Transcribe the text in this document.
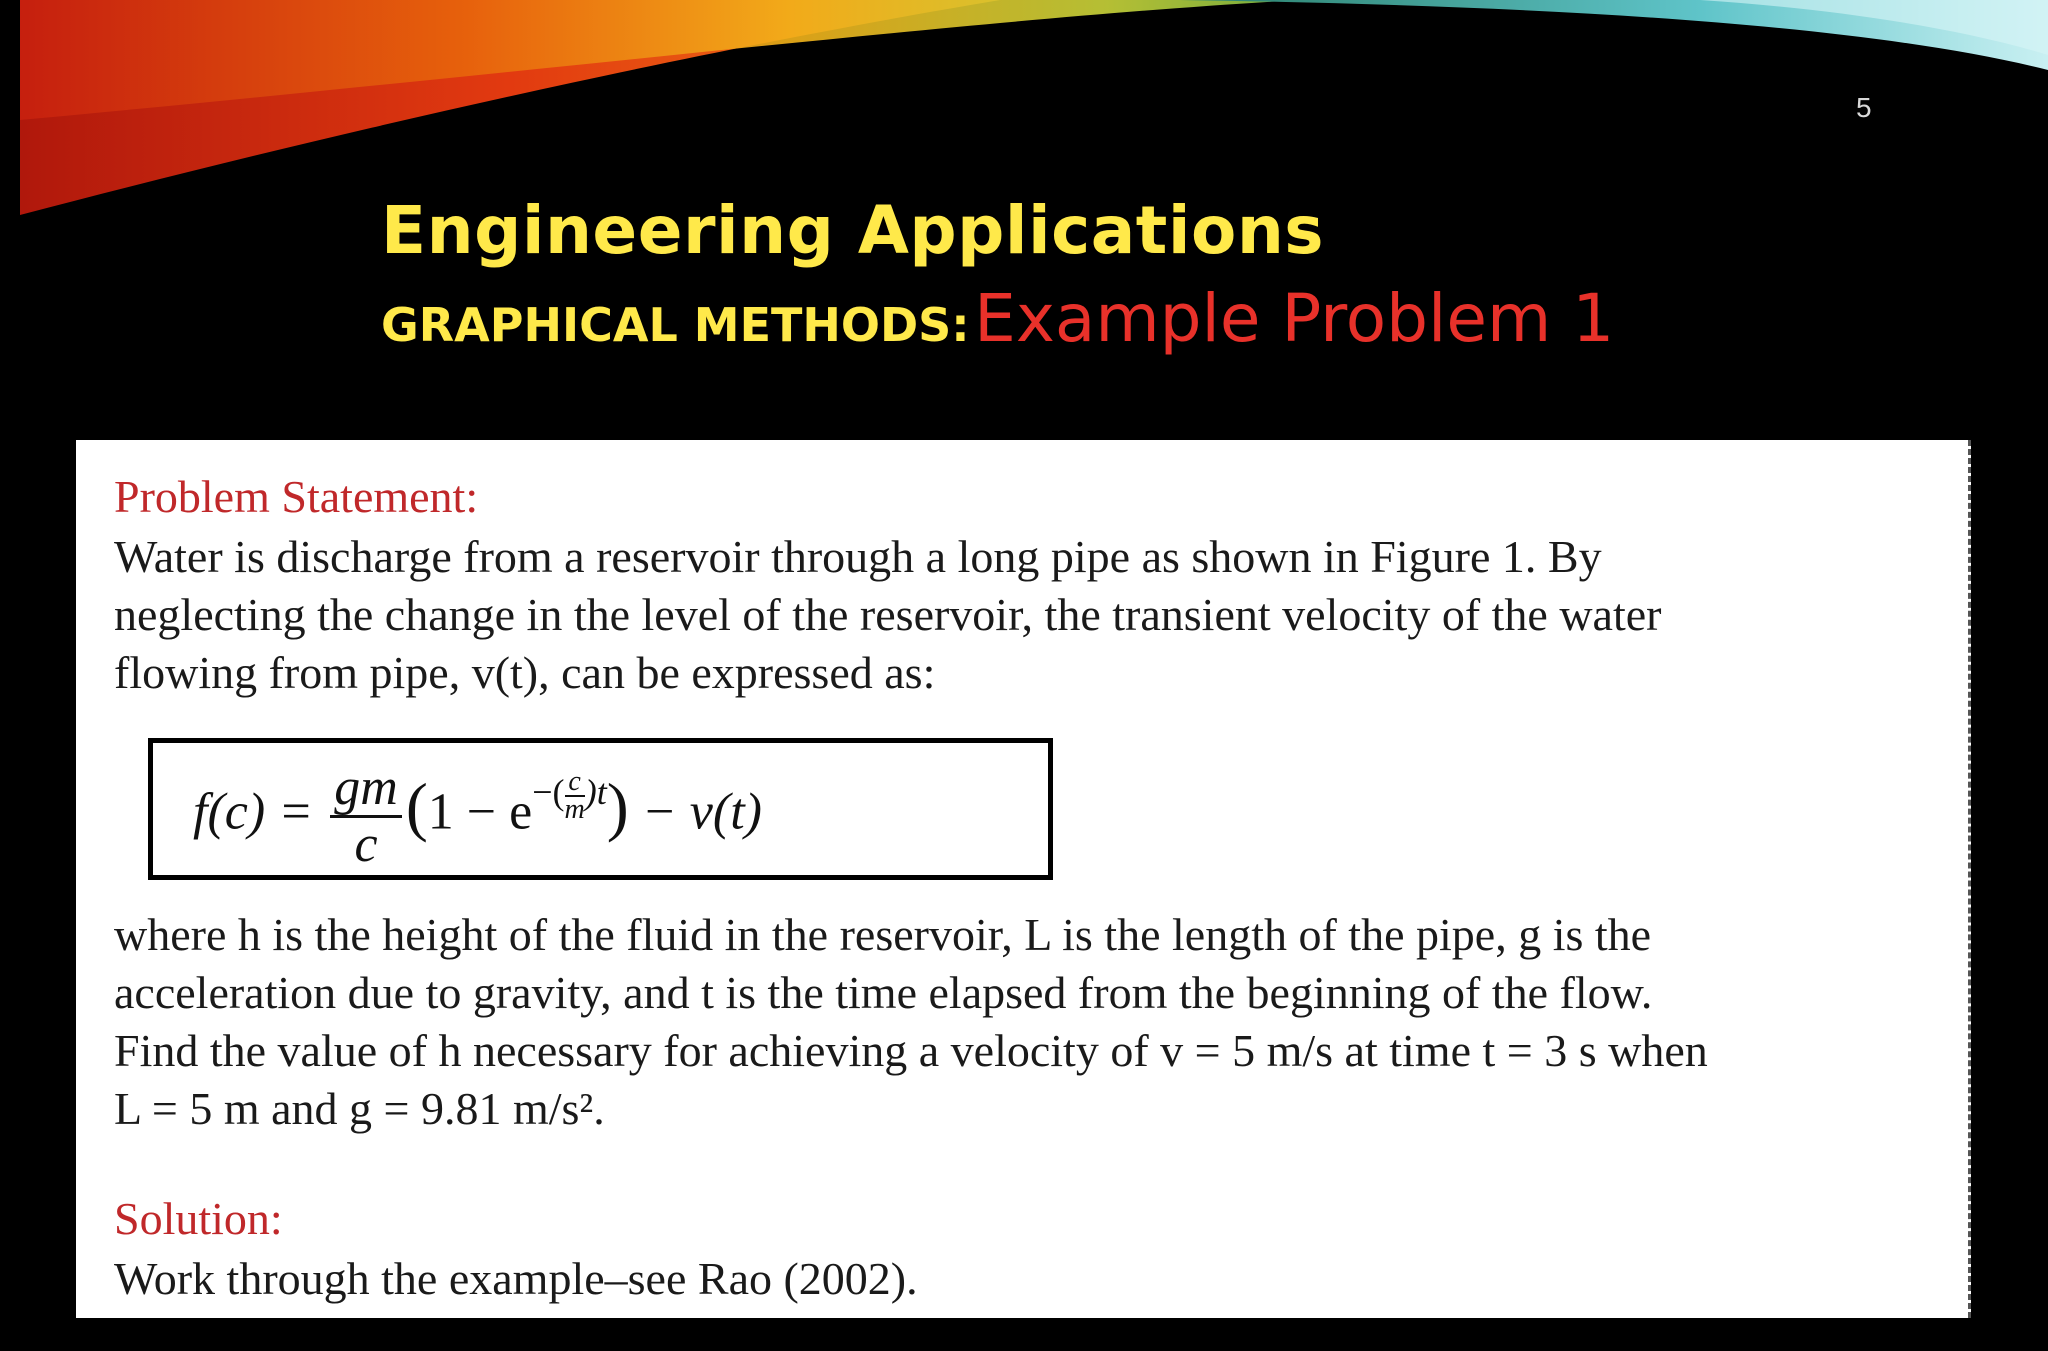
5
Engineering Applications
GRAPHICAL METHODS: Example Problem 1
Problem Statement:
Water is discharge from a reservoir through a long pipe as shown in Figure 1. By
neglecting the change in the level of the reservoir, the transient velocity of the water
flowing from pipe, v(t), can be expressed as:
$f(c) = \frac{gm}{c} (1 - e^{-( \frac{c}{m} )t}) - v(t)$
where h is the height of the fluid in the reservoir, L is the length of the pipe, g is the
acceleration due to gravity, and t is the time elapsed from the beginning of the flow.
Find the value of h necessary for achieving a velocity of v = 5 m/s at time t = 3 s when
L = 5 m and g = 9.81 m/s².
Solution:
Work through the example–see Rao (2002).
